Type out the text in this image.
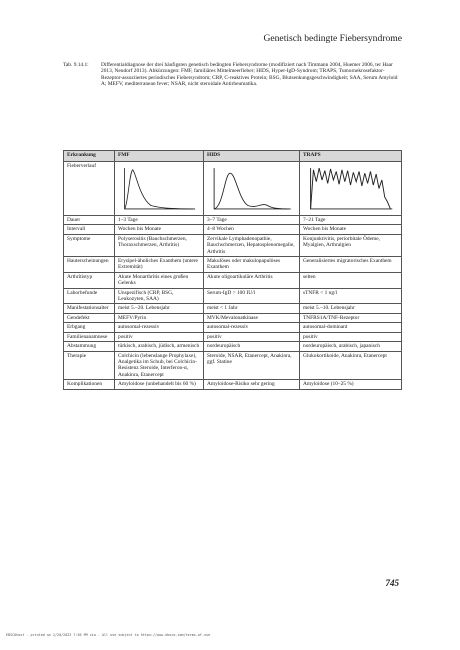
Genetisch bedingte Fiebersyndrome
Tab. 9.14.1:	Differentialdiagnose der drei häufigsten genetisch bedingten Fiebersyndrome (modifiziert nach Timmann 2004, Huemer 2006, ter Haar 2013, Neudorf 2013). Abkürzungen: FMF, familiäres Mittelmeerfieber; HIDS, Hyper-IgD-Syndrom; TRAPS, Tumornekrosefaktor-Rezeptor-assoziiertes periodisches Fiebersyndrom; CRP, C-reaktives Protein; BSG, Blutsenkungsgeschwindigkeit; SAA, Serum Amyloid A; MEFV, mediterranean fever; NSAR, nicht steroidale Antirheumatika.
Erkrankung	FMF	HIDS	TRAPS
Fieberverlauf	

Dauer	1–3 Tage	3–7 Tage	7–21 Tage
Intervall	Wochen bis Monate	4–8 Wochen	Wochen bis Monate
Symptome	Polyserositis (Bauchschmerzen, Thoraxschmerzen, Arthritis)	Zervikale Lymphadenopathie, Bauchschmerzen, Hepatosplenomegalie, Arthritis	Konjunktivitis, periorbitale Ödeme, Myalgien, Arthralgien
Hauterscheinungen	Erysipel-ähnliches Exanthem (untere Extremität)	Makulöses oder makulopapulöses Exanthem	Generalisiertes migratorisches Exanthem
Arthritistyp	Akute Monarthritis eines großen Gelenks	Akute oligoartikuläre Arthritis	selten
Laborbefunde	Unspezifisch (CRP, BSG, Leukozyten, SAA)	Serum-IgD > 100 IU/l	sTNFR < 1 ng/l
Manifestationsalter	meist 5.–20. Lebensjahr	meist < 1 Jahr	meist 5.–10. Lebensjahr
Gendefekt	MEFV/Pyrin	MVK/Mevalonatkinase	TNFRS1A/TNF-Rezeptor
Erbgang	autosomal-rezessiv	autosomal-rezessiv	autosomal-dominant
Familienanamnese	positiv	positiv	positiv
Abstammung	türkisch, arabisch, jüdisch, armenisch	nordeuropäisch	nordeuropäisch, arabisch, japanisch
Therapie	Colchicin (lebenslange Prophylaxe), Analgetika im Schub, bei Colchicin-Resistenz Steroide, Interferon-α, Anakinra, Etanercept	Steroide, NSAR, Etanercept, Anakinra, ggf. Statine	Glukokortikoide, Anakinra, Etanercept
Komplikationen	Amyloidose (unbehandelt bis 60 %)	Amyloidose-Risiko sehr gering	Amyloidose (10–25 %)
745
EBSCOhost - printed on 2/20/2023 7:56 PM via . All use subject to https://www.ebsco.com/terms-of-use
